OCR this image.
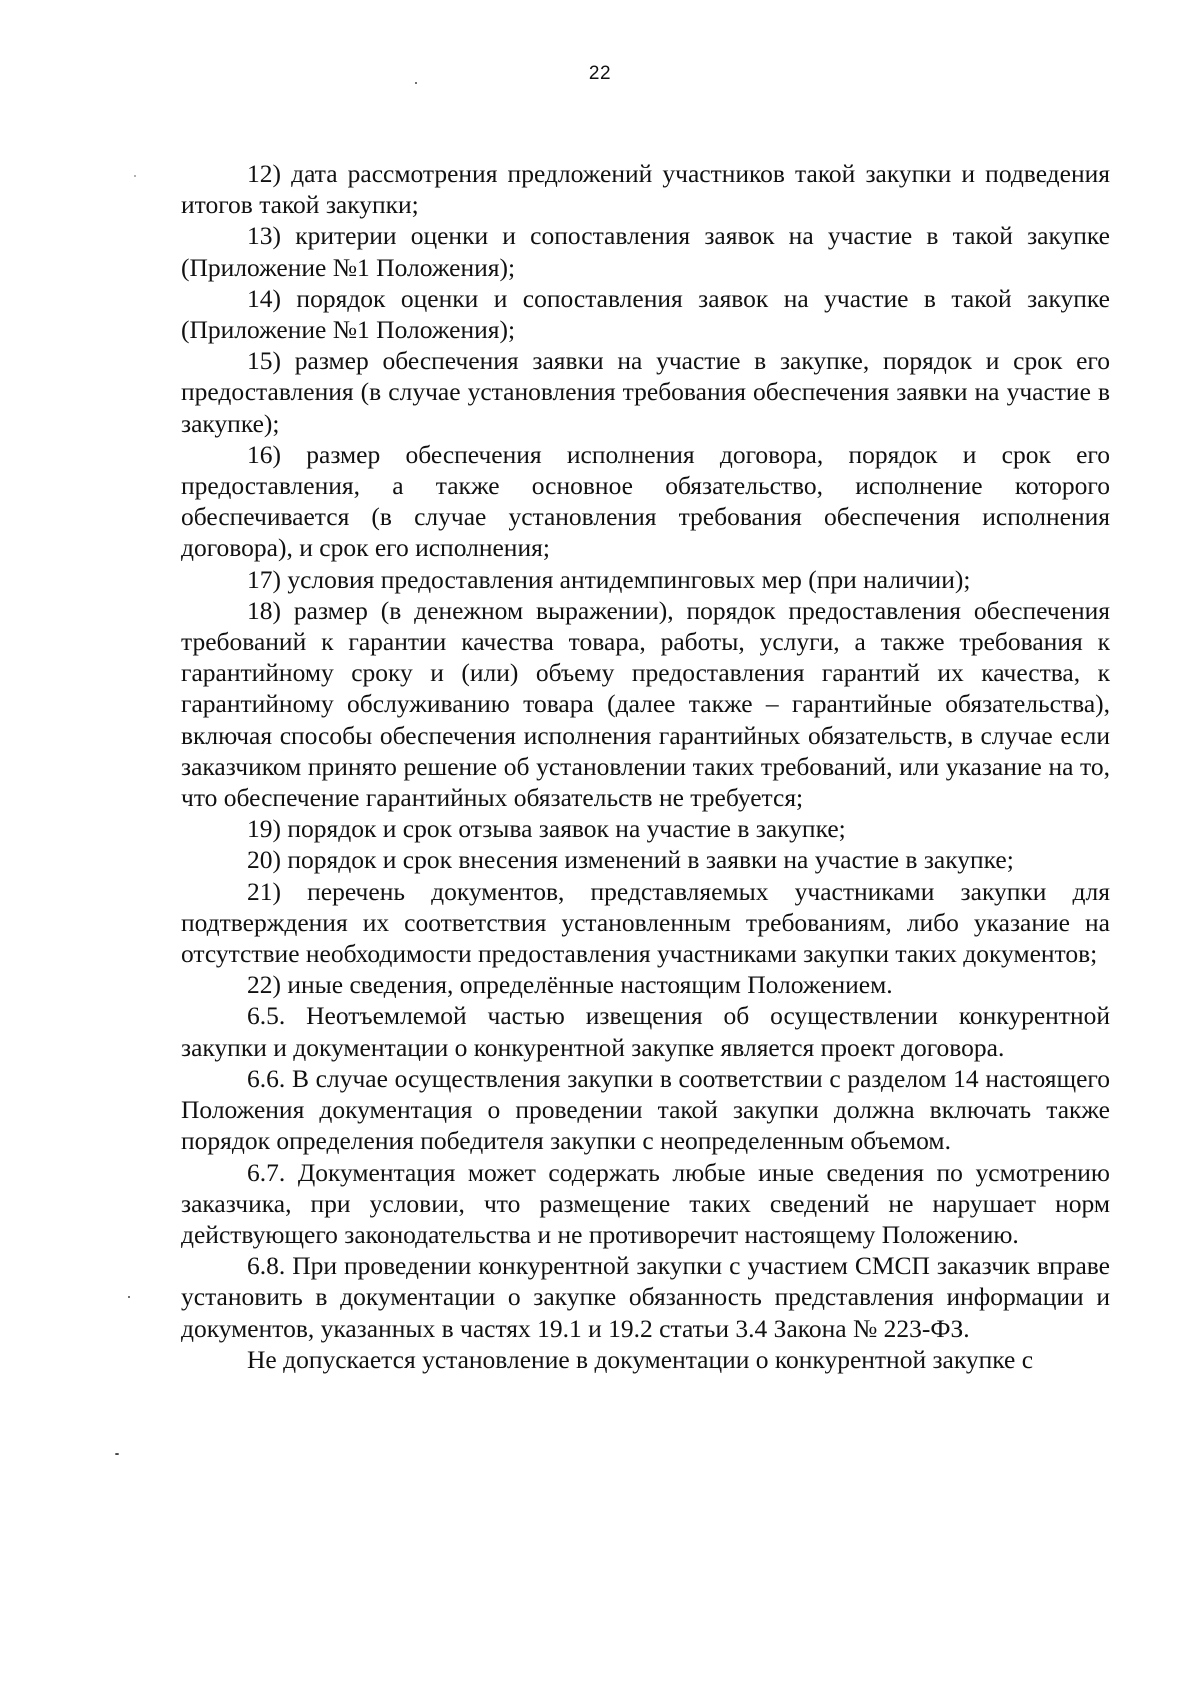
22

12) дата рассмотрения предложений участников такой закупки и подведения итогов такой закупки;

13) критерии оценки и сопоставления заявок на участие в такой закупке (Приложение №1 Положения);

14) порядок оценки и сопоставления заявок на участие в такой закупке (Приложение №1 Положения);

15) размер обеспечения заявки на участие в закупке, порядок и срок его предоставления (в случае установления требования обеспечения заявки на участие в закупке);

16) размер обеспечения исполнения договора, порядок и срок его предоставления, а также основное обязательство, исполнение которого обеспечивается (в случае установления требования обеспечения исполнения договора), и срок его исполнения;

17) условия предоставления антидемпинговых мер (при наличии);

18) размер (в денежном выражении), порядок предоставления обеспечения требований к гарантии качества товара, работы, услуги, а также требования к гарантийному сроку и (или) объему предоставления гарантий их качества, к гарантийному обслуживанию товара (далее также – гарантийные обязательства), включая способы обеспечения исполнения гарантийных обязательств, в случае если заказчиком принято решение об установлении таких требований, или указание на то, что обеспечение гарантийных обязательств не требуется;

19) порядок и срок отзыва заявок на участие в закупке;

20) порядок и срок внесения изменений в заявки на участие в закупке;

21) перечень документов, представляемых участниками закупки для подтверждения их соответствия установленным требованиям, либо указание на отсутствие необходимости предоставления участниками закупки таких документов;

22) иные сведения, определённые настоящим Положением.

6.5. Неотъемлемой частью извещения об осуществлении конкурентной закупки и документации о конкурентной закупке является проект договора.

6.6. В случае осуществления закупки в соответствии с разделом 14 настоящего Положения документация о проведении такой закупки должна включать также порядок определения победителя закупки с неопределенным объемом.

6.7. Документация может содержать любые иные сведения по усмотрению заказчика, при условии, что размещение таких сведений не нарушает норм действующего законодательства и не противоречит настоящему Положению.

6.8. При проведении конкурентной закупки с участием СМСП заказчик вправе установить в документации о закупке обязанность представления информации и документов, указанных в частях 19.1 и 19.2 статьи 3.4 Закона № 223-ФЗ.

Не допускается установление в документации о конкурентной закупке с
